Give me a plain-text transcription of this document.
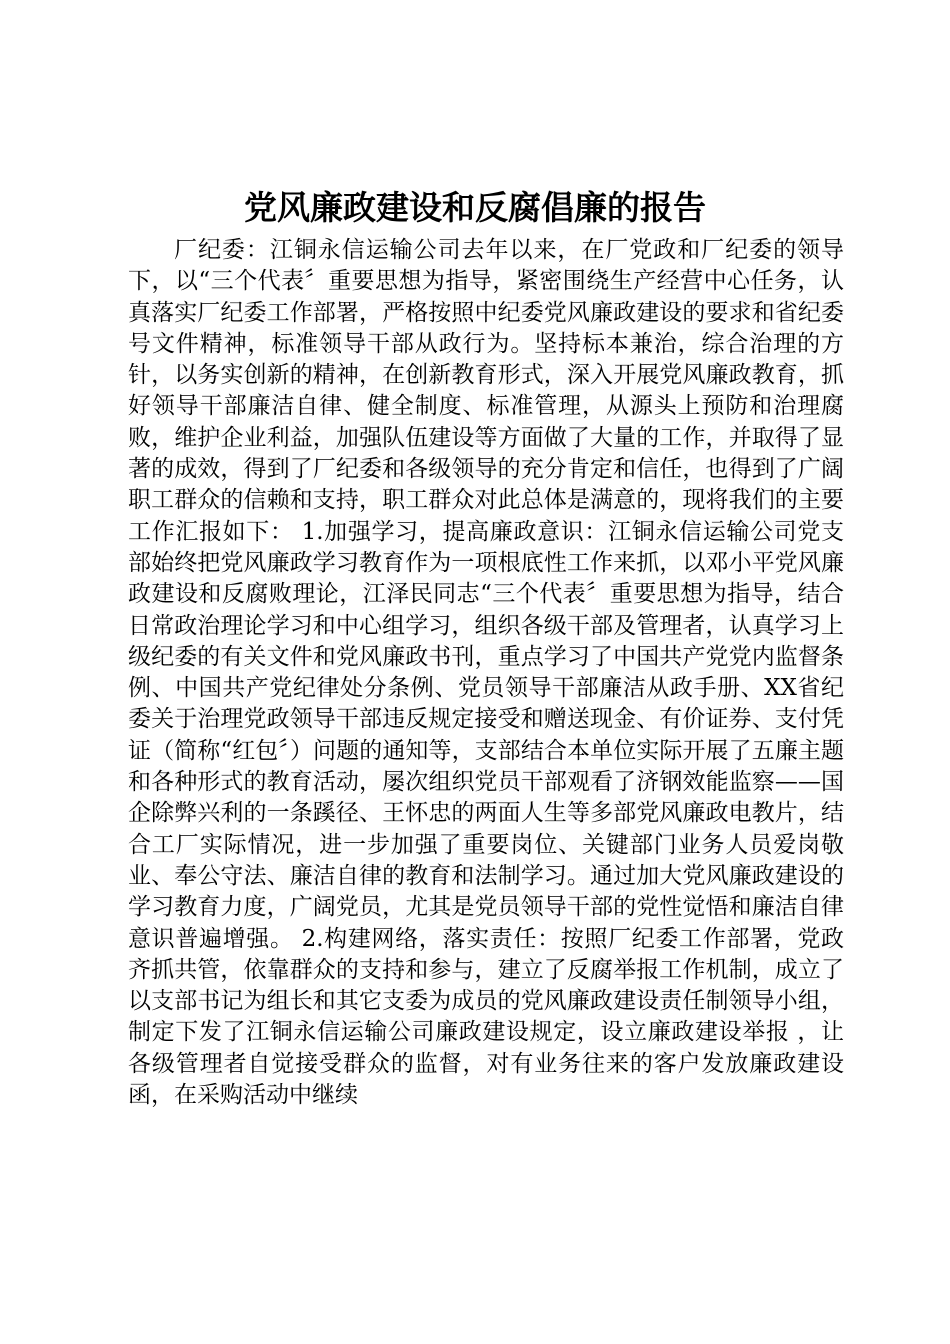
党风廉政建设和反腐倡廉的报告

厂纪委：江铜永信运输公司去年以来，在厂党政和厂纪委的领导下，以“三个代表〞重要思想为指导，紧密围绕生产经营中心任务，认真落实厂纪委工作部署，严格按照中纪委党风廉政建设的要求和省纪委号文件精神，标准领导干部从政行为。坚持标本兼治，综合治理的方针，以务实创新的精神，在创新教育形式，深入开展党风廉政教育，抓好领导干部廉洁自律、健全制度、标准管理，从源头上预防和治理腐败，维护企业利益，加强队伍建设等方面做了大量的工作，并取得了显著的成效，得到了厂纪委和各级领导的充分肯定和信任，也得到了广阔职工群众的信赖和支持，职工群众对此总体是满意的，现将我们的主要工作汇报如下： 1.加强学习，提高廉政意识：江铜永信运输公司党支部始终把党风廉政学习教育作为一项根底性工作来抓，以邓小平党风廉政建设和反腐败理论，江泽民同志“三个代表〞重要思想为指导，结合日常政治理论学习和中心组学习，组织各级干部及管理者，认真学习上级纪委的有关文件和党风廉政书刊，重点学习了中国共产党党内监督条例、中国共产党纪律处分条例、党员领导干部廉洁从政手册、XX省纪委关于治理党政领导干部违反规定接受和赠送现金、有价证券、支付凭证（简称“红包〞）问题的通知等，支部结合本单位实际开展了五廉主题和各种形式的教育活动，屡次组织党员干部观看了济钢效能监察——国企除弊兴利的一条蹊径、王怀忠的两面人生等多部党风廉政电教片，结合工厂实际情况，进一步加强了重要岗位、关键部门业务人员爱岗敬业、奉公守法、廉洁自律的教育和法制学习。通过加大党风廉政建设的学习教育力度，广阔党员，尤其是党员领导干部的党性觉悟和廉洁自律意识普遍增强。 2.构建网络，落实责任：按照厂纪委工作部署，党政齐抓共管，依靠群众的支持和参与，建立了反腐举报工作机制，成立了以支部书记为组长和其它支委为成员的党风廉政建设责任制领导小组，制定下发了江铜永信运输公司廉政建设规定，设立廉政建设举报 ，让各级管理者自觉接受群众的监督，对有业务往来的客户发放廉政建设函，在采购活动中继续
